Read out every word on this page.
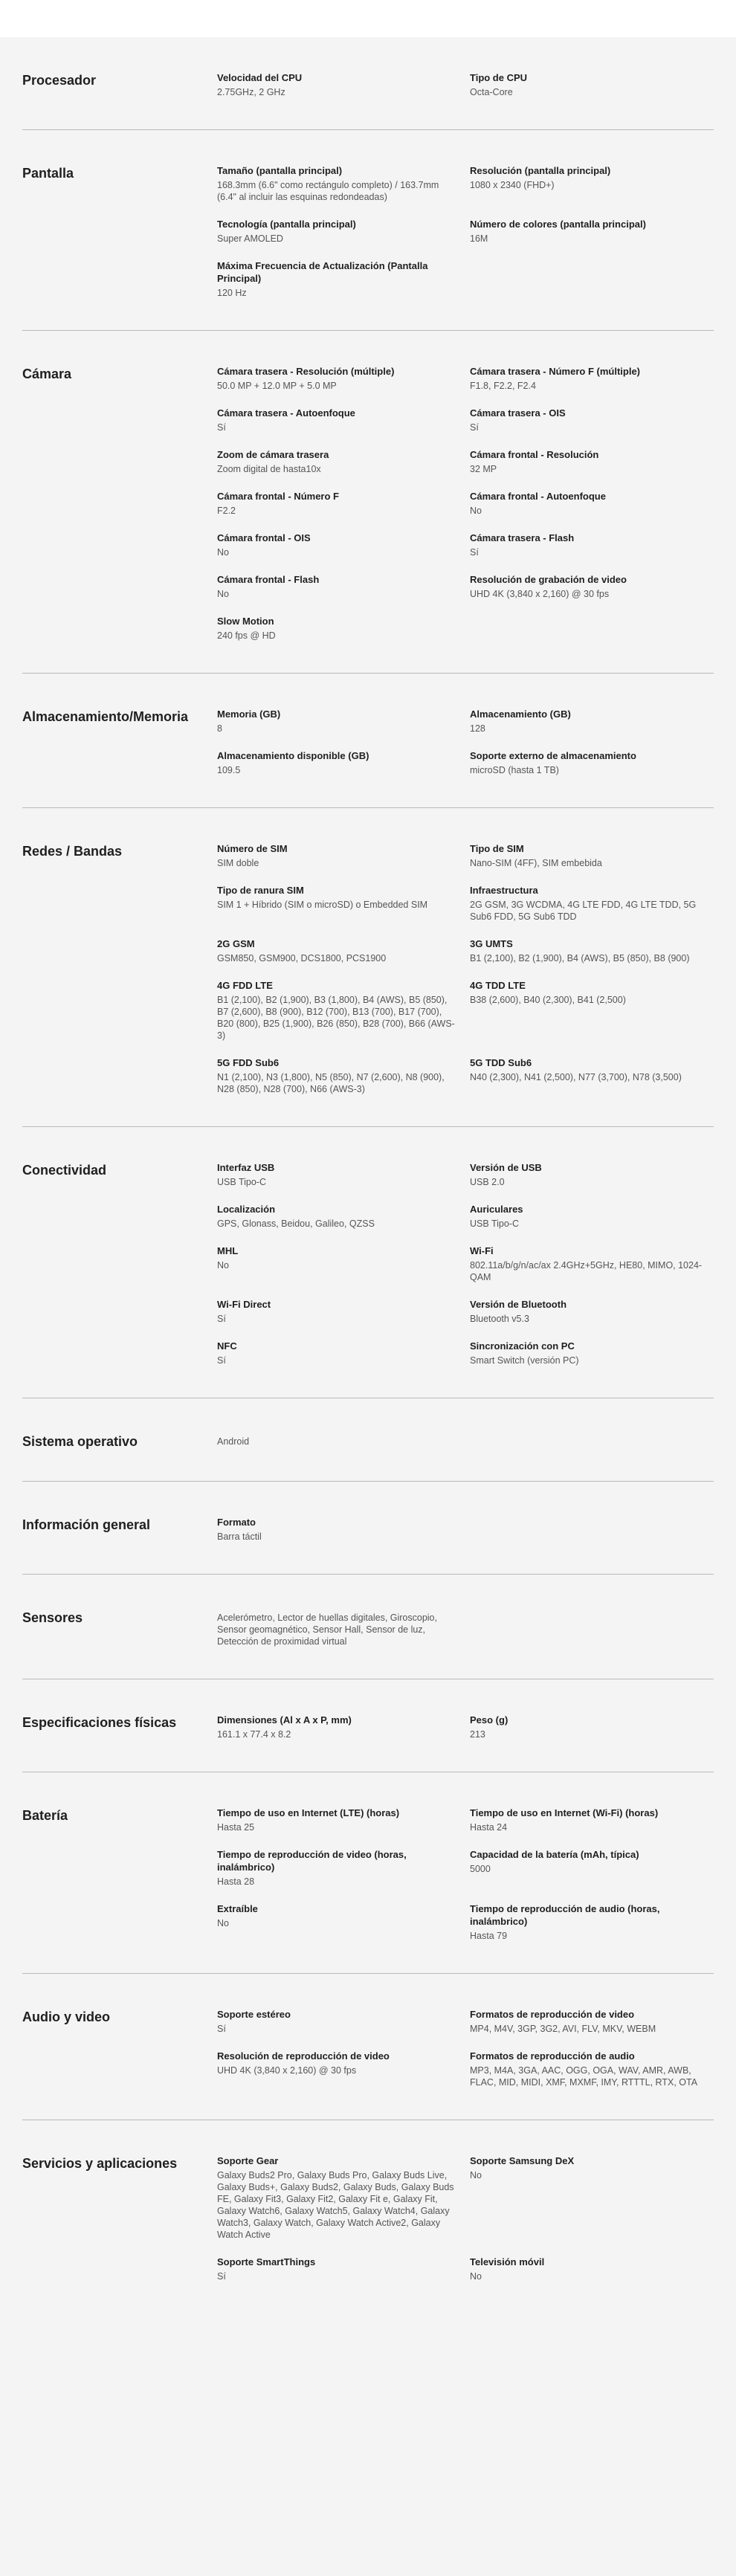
Procesador	Velocidad del CPU
2.75GHz, 2 GHz
Tipo de CPU
Octa-Core
Pantalla	Tamaño (pantalla principal)
168.3mm (6.6" como rectángulo completo) / 163.7mm (6.4" al incluir las esquinas redondeadas)
Resolución (pantalla principal)
1080 x 2340 (FHD+)
Tecnología (pantalla principal)
Super AMOLED
Número de colores (pantalla principal)
16M
Máxima Frecuencia de Actualización (Pantalla Principal)
120 Hz
Cámara	Cámara trasera - Resolución (múltiple)
50.0 MP + 12.0 MP + 5.0 MP
Cámara trasera - Número F (múltiple)
F1.8, F2.2, F2.4
Cámara trasera - Autoenfoque
Sí
Cámara trasera - OIS
Sí
Zoom de cámara trasera
Zoom digital de hasta10x
Cámara frontal - Resolución
32 MP
Cámara frontal - Número F
F2.2
Cámara frontal - Autoenfoque
No
Cámara frontal - OIS
No
Cámara trasera - Flash
Sí
Cámara frontal - Flash
No
Resolución de grabación de video
UHD 4K (3,840 x 2,160) @ 30 fps
Slow Motion
240 fps @ HD
Almacenamiento/Memoria	Memoria (GB)
8
Almacenamiento (GB)
128
Almacenamiento disponible (GB)
109.5
Soporte externo de almacenamiento
microSD (hasta 1 TB)
Redes / Bandas	Número de SIM
SIM doble
Tipo de SIM
Nano-SIM (4FF), SIM embebida
Tipo de ranura SIM
SIM 1 + Híbrido (SIM o microSD) o Embedded SIM
Infraestructura
2G GSM, 3G WCDMA, 4G LTE FDD, 4G LTE TDD, 5G Sub6 FDD, 5G Sub6 TDD
2G GSM
GSM850, GSM900, DCS1800, PCS1900
3G UMTS
B1 (2,100), B2 (1,900), B4 (AWS), B5 (850), B8 (900)
4G FDD LTE
B1 (2,100), B2 (1,900), B3 (1,800), B4 (AWS), B5 (850), B7 (2,600), B8 (900), B12 (700), B13 (700), B17 (700), B20 (800), B25 (1,900), B26 (850), B28 (700), B66 (AWS-3)
4G TDD LTE
B38 (2,600), B40 (2,300), B41 (2,500)
5G FDD Sub6
N1 (2,100), N3 (1,800), N5 (850), N7 (2,600), N8 (900), N28 (850), N28 (700), N66 (AWS-3)
5G TDD Sub6
N40 (2,300), N41 (2,500), N77 (3,700), N78 (3,500)
Conectividad	Interfaz USB
USB Tipo-C
Versión de USB
USB 2.0
Localización
GPS, Glonass, Beidou, Galileo, QZSS
Auriculares
USB Tipo-C
MHL
No
Wi-Fi
802.11a/b/g/n/ac/ax 2.4GHz+5GHz, HE80, MIMO, 1024-QAM
Wi-Fi Direct
Sí
Versión de Bluetooth
Bluetooth v5.3
NFC
Sí
Sincronización con PC
Smart Switch (versión PC)
Sistema operativo	Android
Información general	Formato
Barra táctil
Sensores	Acelerómetro, Lector de huellas digitales, Giroscopio, Sensor geomagnético, Sensor Hall, Sensor de luz, Detección de proximidad virtual
Especificaciones físicas	Dimensiones (Al x A x P, mm)
161.1 x 77.4 x 8.2
Peso (g)
213
Batería	Tiempo de uso en Internet (LTE) (horas)
Hasta 25
Tiempo de uso en Internet (Wi-Fi) (horas)
Hasta 24
Tiempo de reproducción de video (horas, inalámbrico)
Hasta 28
Capacidad de la batería (mAh, típica)
5000
Extraíble
No
Tiempo de reproducción de audio (horas, inalámbrico)
Hasta 79
Audio y video	Soporte estéreo
Sí
Formatos de reproducción de video
MP4, M4V, 3GP, 3G2, AVI, FLV, MKV, WEBM
Resolución de reproducción de video
UHD 4K (3,840 x 2,160) @ 30 fps
Formatos de reproducción de audio
MP3, M4A, 3GA, AAC, OGG, OGA, WAV, AMR, AWB, FLAC, MID, MIDI, XMF, MXMF, IMY, RTTTL, RTX, OTA
Servicios y aplicaciones	Soporte Gear
Galaxy Buds2 Pro, Galaxy Buds Pro, Galaxy Buds Live, Galaxy Buds+, Galaxy Buds2, Galaxy Buds, Galaxy Buds FE, Galaxy Fit3, Galaxy Fit2, Galaxy Fit e, Galaxy Fit, Galaxy Watch6, Galaxy Watch5, Galaxy Watch4, Galaxy Watch3, Galaxy Watch, Galaxy Watch Active2, Galaxy Watch Active
Soporte Samsung DeX
No
Soporte SmartThings
Sí
Televisión móvil
No
